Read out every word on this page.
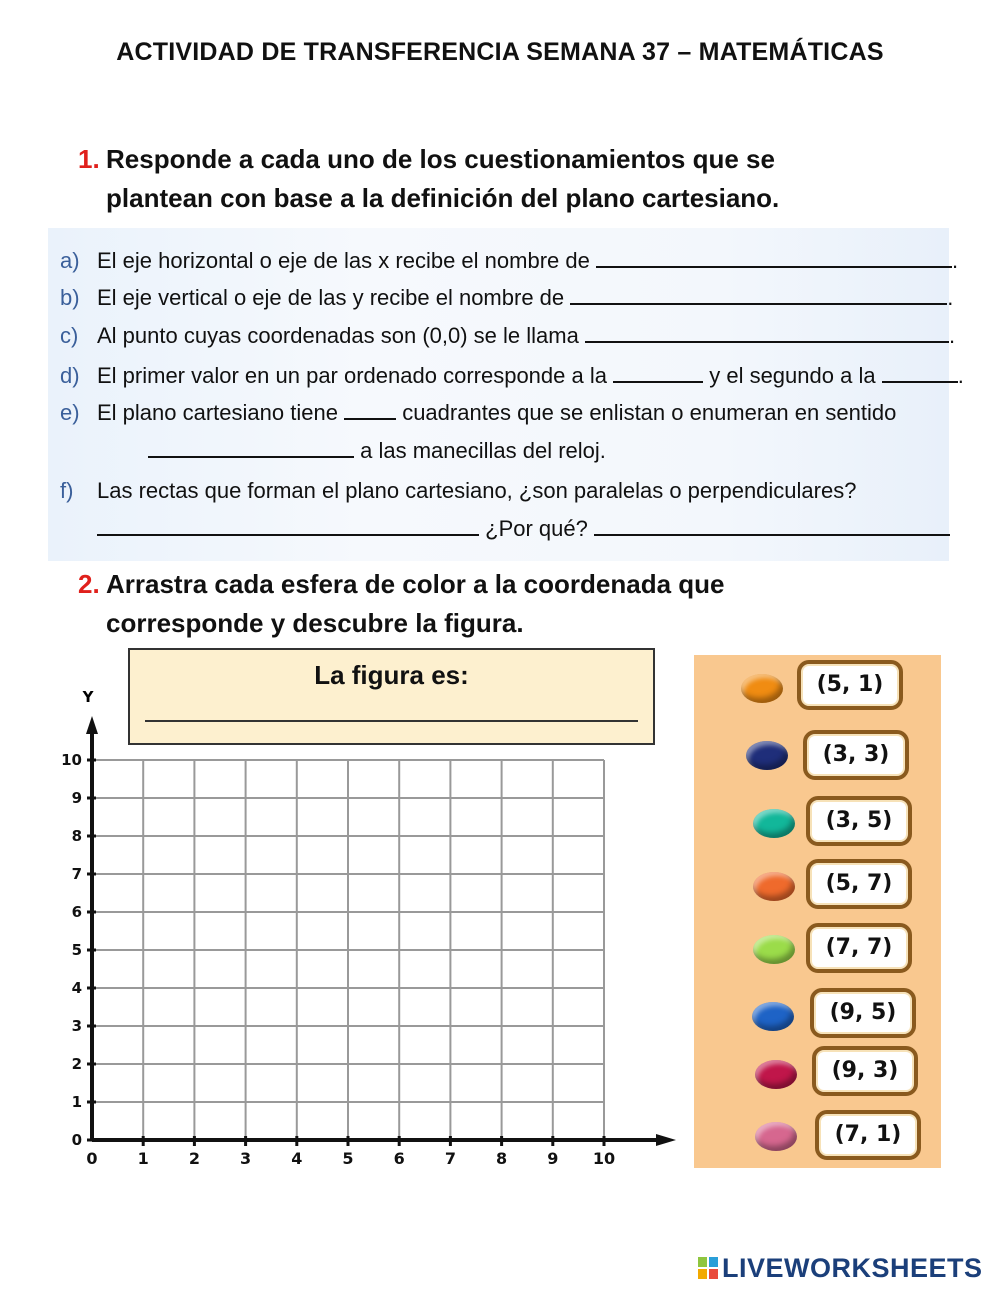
ACTIVIDAD DE TRANSFERENCIA SEMANA 37 – MATEMÁTICAS
1. Responde a cada uno de los cuestionamientos que se
plantean con base a la definición del plano cartesiano.
a) El eje horizontal o eje de las x recibe el nombre de	.
b) El eje vertical o eje de las y recibe el nombre de	.
c) Al punto cuyas coordenadas son (0,0) se le llama	.
d) El primer valor en un par ordenado corresponde a la	y el segundo a la	.
e) El plano cartesiano tiene	cuadrantes que se enlistan o enumeran en sentido
a las manecillas del reloj.
f) Las rectas que forman el plano cartesiano, ¿son paralelas o perpendiculares?
¿Por qué?
2. Arrastra cada esfera de color a la coordenada que
corresponde y descubre la figura.
0	1	2	3	4	5	6	7	8	9 10
0
1
2
3
4
5
6
7
8
9
10
Y
La figura es:	(5, 1)
(3, 3)
(3, 5)
(5, 7)
(7, 7)
(9, 5)
(9, 3)
(7, 1)
LIVEWORKSHEETS
